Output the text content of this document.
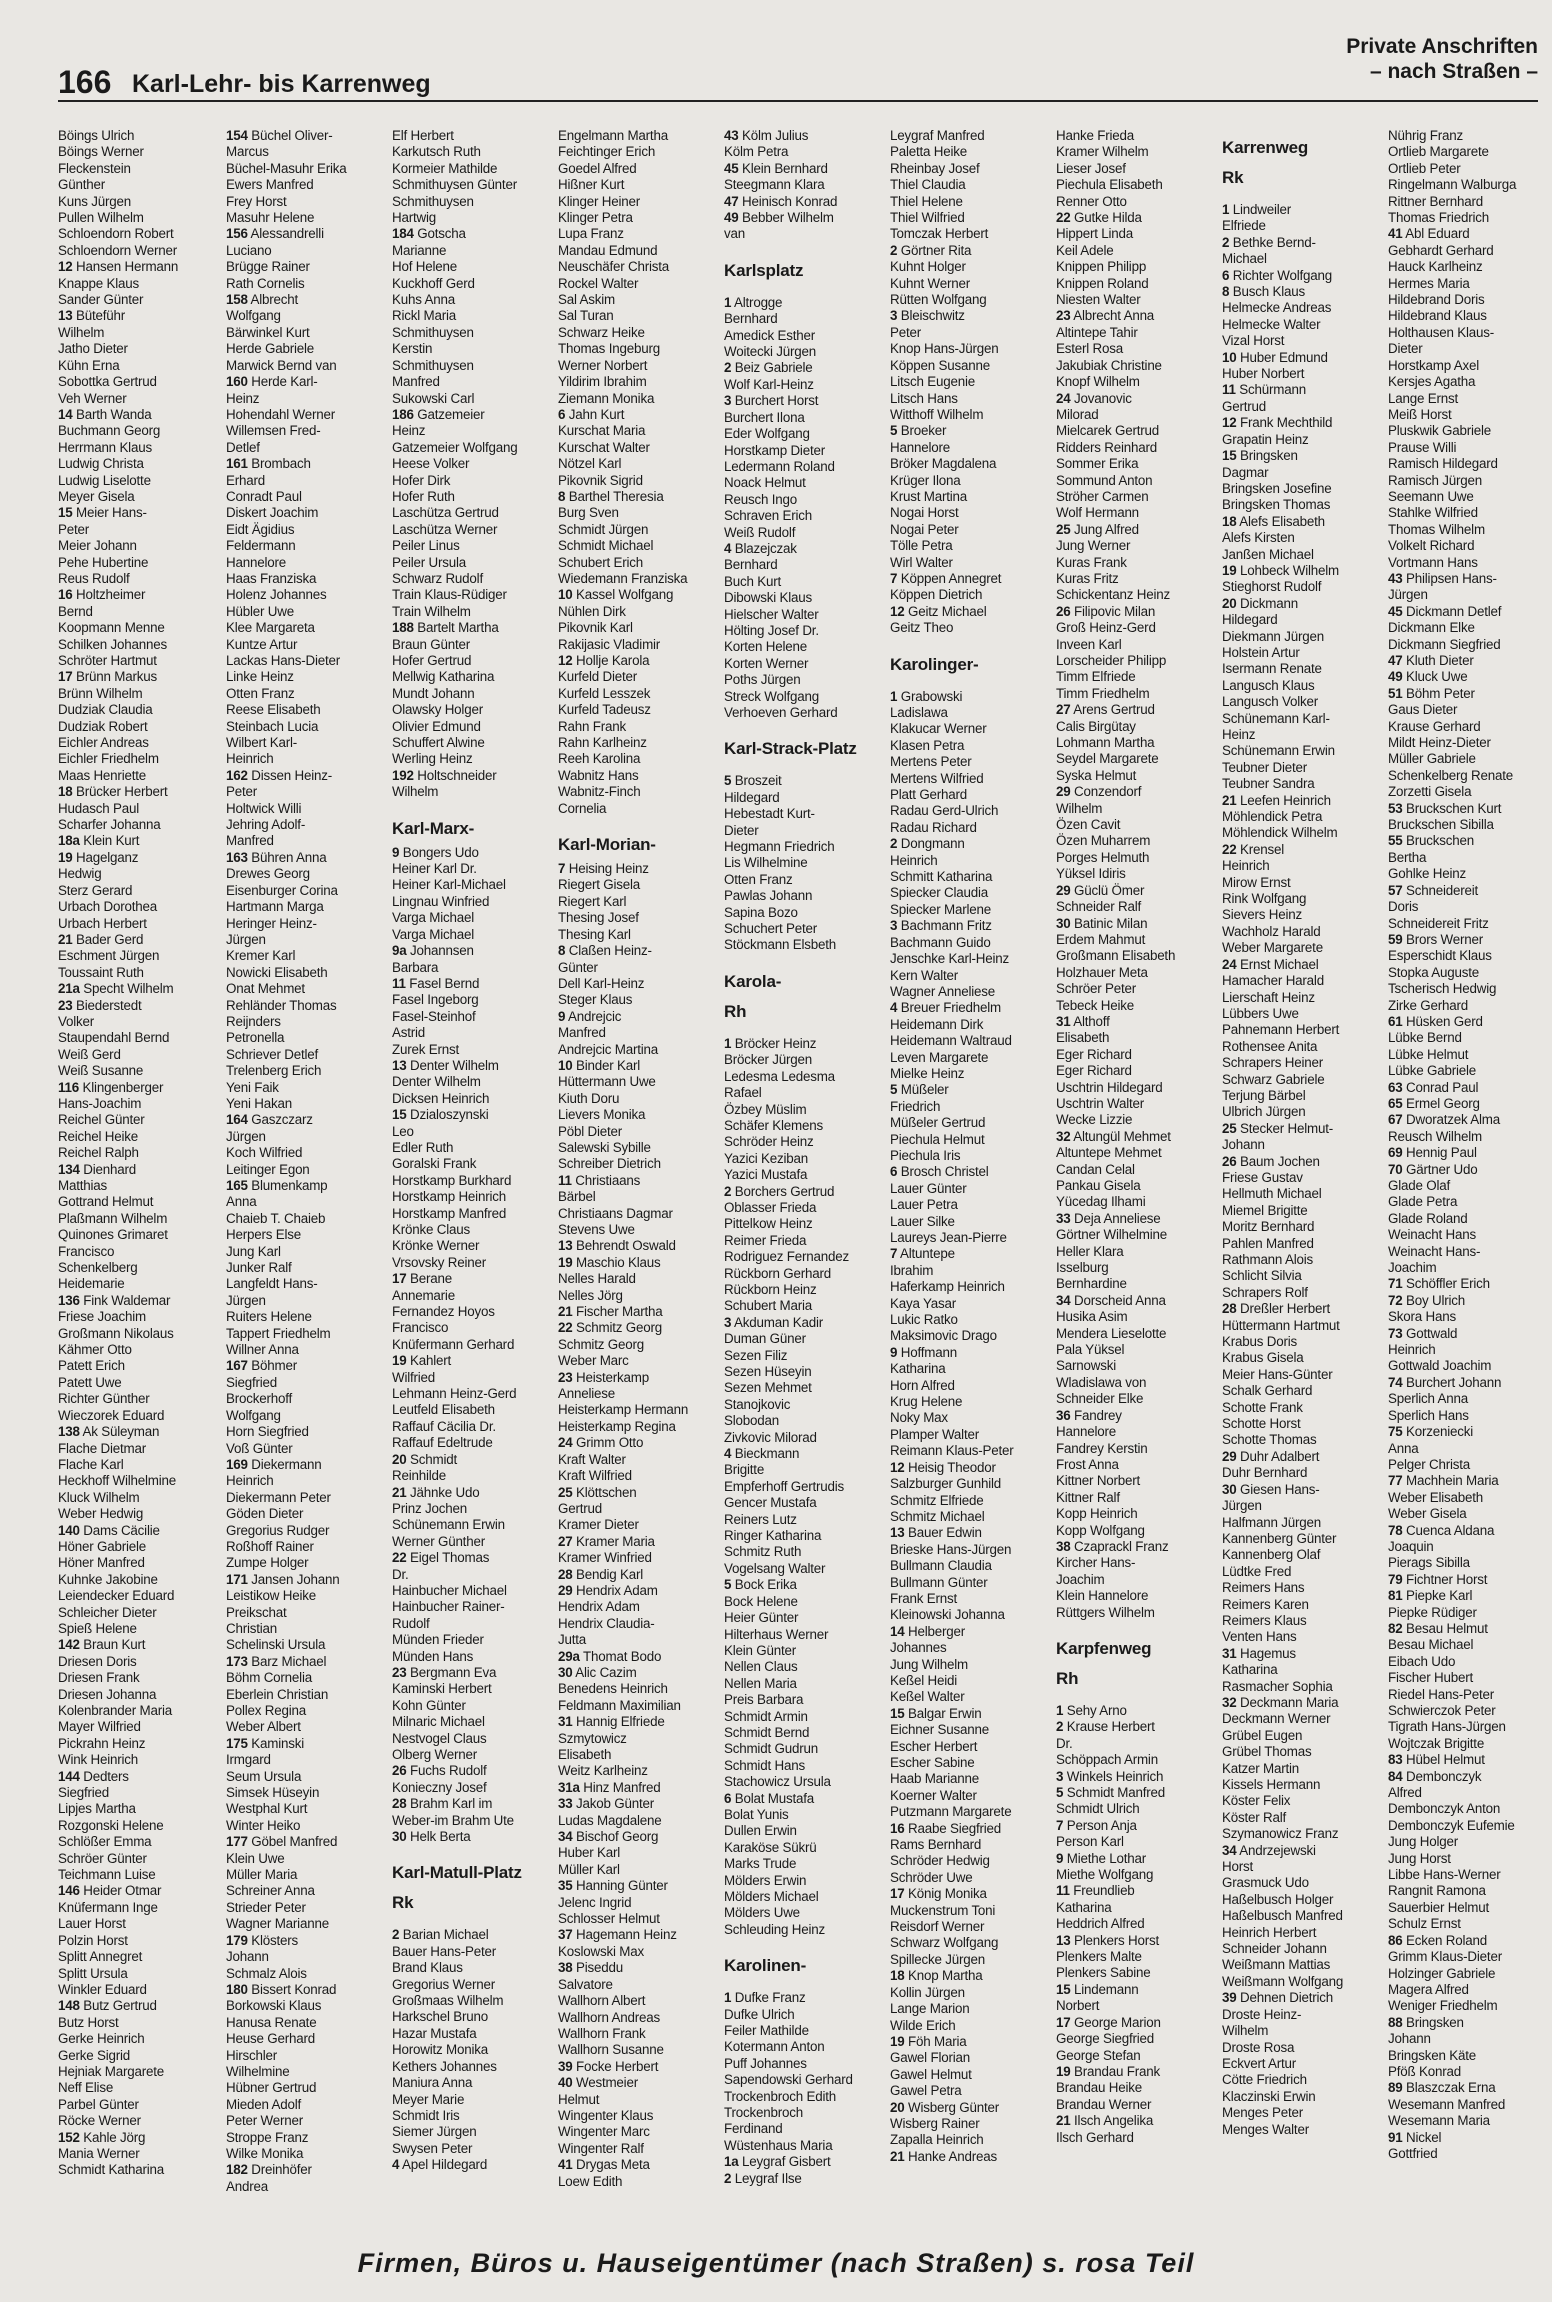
166 Karl-Lehr- bis Karrenweg
Private Anschriften
– nach Straßen –
Böings Ulrich
Böings Werner
Fleckenstein
Günther
Kuns Jürgen
Pullen Wilhelm
Schloendorn Robert
Schloendorn Werner
12 Hansen Hermann
Knappe Klaus
Sander Günter
13 Büteführ
Wilhelm
Jatho Dieter
Kühn Erna
Sobottka Gertrud
Veh Werner
14 Barth Wanda
Buchmann Georg
Herrmann Klaus
Ludwig Christa
Ludwig Liselotte
Meyer Gisela
15 Meier Hans-
Peter
Meier Johann
Pehe Hubertine
Reus Rudolf
16 Holtzheimer
Bernd
Koopmann Menne
Schilken Johannes
Schröter Hartmut
17 Brünn Markus
Brünn Wilhelm
Dudziak Claudia
Dudziak Robert
Eichler Andreas
Eichler Friedhelm
Maas Henriette
18 Brücker Herbert
Hudasch Paul
Scharfer Johanna
18a Klein Kurt
19 Hagelganz
Hedwig
Sterz Gerard
Urbach Dorothea
Urbach Herbert
21 Bader Gerd
Eschment Jürgen
Toussaint Ruth
21a Specht Wilhelm
23 Biederstedt
Volker
Staupendahl Bernd
Weiß Gerd
Weiß Susanne
116 Klingenberger
Hans-Joachim
Reichel Günter
Reichel Heike
Reichel Ralph
134 Dienhard
Matthias
Gottrand Helmut
Plaßmann Wilhelm
Quinones Grimaret
Francisco
Schenkelberg
Heidemarie
136 Fink Waldemar
Friese Joachim
Großmann Nikolaus
Kähmer Otto
Patett Erich
Patett Uwe
Richter Günther
Wieczorek Eduard
138 Ak Süleyman
Flache Dietmar
Flache Karl
Heckhoff Wilhelmine
Kluck Wilhelm
Weber Hedwig
140 Dams Cäcilie
Höner Gabriele
Höner Manfred
Kuhnke Jakobine
Leiendecker Eduard
Schleicher Dieter
Spieß Helene
142 Braun Kurt
Driesen Doris
Driesen Frank
Driesen Johanna
Kolenbrander Maria
Mayer Wilfried
Pickrahn Heinz
Wink Heinrich
144 Dedters
Siegfried
Lipjes Martha
Rozgonski Helene
Schlößer Emma
Schröer Günter
Teichmann Luise
146 Heider Otmar
Knüfermann Inge
Lauer Horst
Polzin Horst
Splitt Annegret
Splitt Ursula
Winkler Eduard
148 Butz Gertrud
Butz Horst
Gerke Heinrich
Gerke Sigrid
Hejniak Margarete
Neff Elise
Parbel Günter
Röcke Werner
152 Kahle Jörg
Mania Werner
Schmidt Katharina
154 Büchel Oliver-
Marcus
Büchel-Masuhr Erika
Ewers Manfred
Frey Horst
Masuhr Helene
156 Alessandrelli
Luciano
Brügge Rainer
Rath Cornelis
158 Albrecht
Wolfgang
Bärwinkel Kurt
Herde Gabriele
Marwick Bernd van
160 Herde Karl-
Heinz
Hohendahl Werner
Willemsen Fred-
Detlef
161 Brombach
Erhard
Conradt Paul
Diskert Joachim
Eidt Ägidius
Feldermann
Hannelore
Haas Franziska
Holenz Johannes
Hübler Uwe
Klee Margareta
Kuntze Artur
Lackas Hans-Dieter
Linke Heinz
Otten Franz
Reese Elisabeth
Steinbach Lucia
Wilbert Karl-
Heinrich
162 Dissen Heinz-
Peter
Holtwick Willi
Jehring Adolf-
Manfred
163 Bühren Anna
Drewes Georg
Eisenburger Corina
Hartmann Marga
Heringer Heinz-
Jürgen
Kremer Karl
Nowicki Elisabeth
Onat Mehmet
Rehländer Thomas
Reijnders
Petronella
Schriever Detlef
Trelenberg Erich
Yeni Faik
Yeni Hakan
164 Gaszczarz
Jürgen
Koch Wilfried
Leitinger Egon
165 Blumenkamp
Anna
Chaieb T. Chaieb
Herpers Else
Jung Karl
Junker Ralf
Langfeldt Hans-
Jürgen
Ruiters Helene
Tappert Friedhelm
Willner Anna
167 Böhmer
Siegfried
Brockerhoff
Wolfgang
Horn Siegfried
Voß Günter
169 Diekermann
Heinrich
Diekermann Peter
Göden Dieter
Gregorius Rudger
Roßhoff Rainer
Zumpe Holger
171 Jansen Johann
Leistikow Heike
Preikschat
Christian
Schelinski Ursula
173 Barz Michael
Böhm Cornelia
Eberlein Christian
Pollex Regina
Weber Albert
175 Kaminski
Irmgard
Seum Ursula
Simsek Hüseyin
Westphal Kurt
Winter Heiko
177 Göbel Manfred
Klein Uwe
Müller Maria
Schreiner Anna
Strieder Peter
Wagner Marianne
179 Klösters
Johann
Schmalz Alois
180 Bissert Konrad
Borkowski Klaus
Hanusa Renate
Heuse Gerhard
Hirschler
Wilhelmine
Hübner Gertrud
Mieden Adolf
Peter Werner
Stroppe Franz
Wilke Monika
182 Dreinhöfer
Andrea
Elf Herbert
Karkutsch Ruth
Kormeier Mathilde
Schmithuysen Günter
Schmithuysen
Hartwig
184 Gotscha
Marianne
Hof Helene
Kuckhoff Gerd
Kuhs Anna
Rickl Maria
Schmithuysen
Kerstin
Schmithuysen
Manfred
Sukowski Carl
186 Gatzemeier
Heinz
Gatzemeier Wolfgang
Heese Volker
Hofer Dirk
Hofer Ruth
Laschütza Gertrud
Laschütza Werner
Peiler Linus
Peiler Ursula
Schwarz Rudolf
Train Klaus-Rüdiger
Train Wilhelm
188 Bartelt Martha
Braun Günter
Hofer Gertrud
Mellwig Katharina
Mundt Johann
Olawsky Holger
Olivier Edmund
Schuffert Alwine
Werling Heinz
192 Holtschneider
Wilhelm

Karl-Marx-
9 Bongers Udo
Heiner Karl Dr.
Heiner Karl-Michael
Lingnau Winfried
Varga Michael
Varga Michael
9a Johannsen
Barbara
11 Fasel Bernd
Fasel Ingeborg
Fasel-Steinhof
Astrid
Zurek Ernst
13 Denter Wilhelm
Denter Wilhelm
Dicksen Heinrich
15 Dzialoszynski
Leo
Edler Ruth
Goralski Frank
Horstkamp Burkhard
Horstkamp Heinrich
Horstkamp Manfred
Krönke Claus
Krönke Werner
Vrsovsky Reiner
17 Berane
Annemarie
Fernandez Hoyos
Francisco
Knüfermann Gerhard
19 Kahlert
Wilfried
Lehmann Heinz-Gerd
Leutfeld Elisabeth
Raffauf Cäcilia Dr.
Raffauf Edeltrude
20 Schmidt
Reinhilde
21 Jähnke Udo
Prinz Jochen
Schünemann Erwin
Werner Günther
22 Eigel Thomas
Dr.
Hainbucher Michael
Hainbucher Rainer-
Rudolf
Münden Frieder
Münden Hans
23 Bergmann Eva
Kaminski Herbert
Kohn Günter
Milnaric Michael
Nestvogel Claus
Olberg Werner
26 Fuchs Rudolf
Konieczny Josef
28 Brahm Karl im
Weber-im Brahm Ute
30 Helk Berta

Karl-Matull-Platz
Rk

2 Barian Michael
Bauer Hans-Peter
Brand Klaus
Gregorius Werner
Großmaas Wilhelm
Harkschel Bruno
Hazar Mustafa
Horowitz Monika
Kethers Johannes
Maniura Anna
Meyer Marie
Schmidt Iris
Siemer Jürgen
Swysen Peter
4 Apel Hildegard
Engelmann Martha
Feichtinger Erich
Goedel Alfred
Hißner Kurt
Klinger Heiner
Klinger Petra
Lupa Franz
Mandau Edmund
Neuschäfer Christa
Rockel Walter
Sal Askim
Sal Turan
Schwarz Heike
Thomas Ingeburg
Werner Norbert
Yildirim Ibrahim
Ziemann Monika
6 Jahn Kurt
Kurschat Maria
Kurschat Walter
Nötzel Karl
Pikovnik Sigrid
8 Barthel Theresia
Burg Sven
Schmidt Jürgen
Schmidt Michael
Schubert Erich
Wiedemann Franziska
10 Kassel Wolfgang
Nühlen Dirk
Pikovnik Karl
Rakijasic Vladimir
12 Hollje Karola
Kurfeld Dieter
Kurfeld Lesszek
Kurfeld Tadeusz
Rahn Frank
Rahn Karlheinz
Reeh Karolina
Wabnitz Hans
Wabnitz-Finch
Cornelia

Karl-Morian-
7 Heising Heinz
Riegert Gisela
Riegert Karl
Thesing Josef
Thesing Karl
8 Claßen Heinz-
Günter
Dell Karl-Heinz
Steger Klaus
9 Andrejcic
Manfred
Andrejcic Martina
10 Binder Karl
Hüttermann Uwe
Kiuth Doru
Lievers Monika
Pöbl Dieter
Salewski Sybille
Schreiber Dietrich
11 Christiaans
Bärbel
Christiaans Dagmar
Stevens Uwe
13 Behrendt Oswald
19 Maschio Klaus
Nelles Harald
Nelles Jörg
21 Fischer Martha
22 Schmitz Georg
Schmitz Georg
Weber Marc
23 Heisterkamp
Anneliese
Heisterkamp Hermann
Heisterkamp Regina
24 Grimm Otto
Kraft Walter
Kraft Wilfried
25 Klöttschen
Gertrud
Kramer Dieter
27 Kramer Maria
Kramer Winfried
28 Bendig Karl
29 Hendrix Adam
Hendrix Adam
Hendrix Claudia-
Jutta
29a Thomat Bodo
30 Alic Cazim
Benedens Heinrich
Feldmann Maximilian
31 Hannig Elfriede
Szmytowicz
Elisabeth
Weitz Karlheinz
31a Hinz Manfred
33 Jakob Günter
Ludas Magdalene
34 Bischof Georg
Huber Karl
Müller Karl
35 Hanning Günter
Jelenc Ingrid
Schlosser Helmut
37 Hagemann Heinz
Koslowski Max
38 Piseddu
Salvatore
Wallhorn Albert
Wallhorn Andreas
Wallhorn Frank
Wallhorn Susanne
39 Focke Herbert
40 Westmeier
Helmut
Wingenter Klaus
Wingenter Marc
Wingenter Ralf
41 Drygas Meta
Loew Edith
43 Kölm Julius
Kölm Petra
45 Klein Bernhard
Steegmann Klara
47 Heinisch Konrad
49 Bebber Wilhelm
van

Karlsplatz

1 Altrogge
Bernhard
Amedick Esther
Woitecki Jürgen
2 Beiz Gabriele
Wolf Karl-Heinz
3 Burchert Horst
Burchert Ilona
Eder Wolfgang
Horstkamp Dieter
Ledermann Roland
Noack Helmut
Reusch Ingo
Schraven Erich
Weiß Rudolf
4 Blazejczak
Bernhard
Buch Kurt
Dibowski Klaus
Hielscher Walter
Hölting Josef Dr.
Korten Helene
Korten Werner
Poths Jürgen
Streck Wolfgang
Verhoeven Gerhard

Karl-Strack-Platz

5 Broszeit
Hildegard
Hebestadt Kurt-
Dieter
Hegmann Friedrich
Lis Wilhelmine
Otten Franz
Pawlas Johann
Sapina Bozo
Schuchert Peter
Stöckmann Elsbeth

Karola-
Rh

1 Bröcker Heinz
Bröcker Jürgen
Ledesma Ledesma
Rafael
Özbey Müslim
Schäfer Klemens
Schröder Heinz
Yazici Keziban
Yazici Mustafa
2 Borchers Gertrud
Oblasser Frieda
Pittelkow Heinz
Reimer Frieda
Rodriguez Fernandez
Rückborn Gerhard
Rückborn Heinz
Schubert Maria
3 Akduman Kadir
Duman Güner
Sezen Filiz
Sezen Hüseyin
Sezen Mehmet
Stanojkovic
Slobodan
Zivkovic Milorad
4 Bieckmann
Brigitte
Empferhoff Gertrudis
Gencer Mustafa
Reiners Lutz
Ringer Katharina
Schmitz Ruth
Vogelsang Walter
5 Bock Erika
Bock Helene
Heier Günter
Hilterhaus Werner
Klein Günter
Nellen Claus
Nellen Maria
Preis Barbara
Schmidt Armin
Schmidt Bernd
Schmidt Gudrun
Schmidt Hans
Stachowicz Ursula
6 Bolat Mustafa
Bolat Yunis
Dullen Erwin
Karaköse Sükrü
Marks Trude
Mölders Erwin
Mölders Michael
Mölders Uwe
Schleuding Heinz

Karolinen-

1 Dufke Franz
Dufke Ulrich
Feiler Mathilde
Kotermann Anton
Puff Johannes
Sapendowski Gerhard
Trockenbroch Edith
Trockenbroch
Ferdinand
Wüstenhaus Maria
1a Leygraf Gisbert
2 Leygraf Ilse
Leygraf Manfred
Paletta Heike
Rheinbay Josef
Thiel Claudia
Thiel Helene
Thiel Wilfried
Tomczak Herbert
2 Görtner Rita
Kuhnt Holger
Kuhnt Werner
Rütten Wolfgang
3 Bleischwitz
Peter
Knop Hans-Jürgen
Köppen Susanne
Litsch Eugenie
Litsch Hans
Witthoff Wilhelm
5 Broeker
Hannelore
Bröker Magdalena
Krüger Ilona
Krust Martina
Nogai Horst
Nogai Peter
Tölle Petra
Wirl Walter
7 Köppen Annegret
Köppen Dietrich
12 Geitz Michael
Geitz Theo

Karolinger-

1 Grabowski
Ladislawa
Klakucar Werner
Klasen Petra
Mertens Peter
Mertens Wilfried
Platt Gerhard
Radau Gerd-Ulrich
Radau Richard
2 Dongmann
Heinrich
Schmitt Katharina
Spiecker Claudia
Spiecker Marlene
3 Bachmann Fritz
Bachmann Guido
Jenschke Karl-Heinz
Kern Walter
Wagner Anneliese
4 Breuer Friedhelm
Heidemann Dirk
Heidemann Waltraud
Leven Margarete
Mielke Heinz
5 Müßeler
Friedrich
Müßeler Gertrud
Piechula Helmut
Piechula Iris
6 Brosch Christel
Lauer Günter
Lauer Petra
Lauer Silke
Laureys Jean-Pierre
7 Altuntepe
Ibrahim
Haferkamp Heinrich
Kaya Yasar
Lukic Ratko
Maksimovic Drago
9 Hoffmann
Katharina
Horn Alfred
Krug Helene
Noky Max
Plamper Walter
Reimann Klaus-Peter
12 Heisig Theodor
Salzburger Gunhild
Schmitz Elfriede
Schmitz Michael
13 Bauer Edwin
Brieske Hans-Jürgen
Bullmann Claudia
Bullmann Günter
Frank Ernst
Kleinowski Johanna
14 Helberger
Johannes
Jung Wilhelm
Keßel Heidi
Keßel Walter
15 Balgar Erwin
Eichner Susanne
Escher Herbert
Escher Sabine
Haab Marianne
Koerner Walter
Putzmann Margarete
16 Raabe Siegfried
Rams Bernhard
Schröder Hedwig
Schröder Uwe
17 König Monika
Muckenstrum Toni
Reisdorf Werner
Schwarz Wolfgang
Spillecke Jürgen
18 Knop Martha
Kollin Jürgen
Lange Marion
Wilde Erich
19 Föh Maria
Gawel Florian
Gawel Helmut
Gawel Petra
20 Wisberg Günter
Wisberg Rainer
Zapalla Heinrich
21 Hanke Andreas
Hanke Frieda
Kramer Wilhelm
Lieser Josef
Piechula Elisabeth
Renner Otto
22 Gutke Hilda
Hippert Linda
Keil Adele
Knippen Philipp
Knippen Roland
Niesten Walter
23 Albrecht Anna
Altintepe Tahir
Esterl Rosa
Jakubiak Christine
Knopf Wilhelm
24 Jovanovic
Milorad
Mielcarek Gertrud
Ridders Reinhard
Sommer Erika
Sommund Anton
Ströher Carmen
Wolf Hermann
25 Jung Alfred
Jung Werner
Kuras Frank
Kuras Fritz
Schickentanz Heinz
26 Filipovic Milan
Groß Heinz-Gerd
Inveen Karl
Lorscheider Philipp
Timm Elfriede
Timm Friedhelm
27 Arens Gertrud
Calis Birgütay
Lohmann Martha
Seydel Margarete
Syska Helmut
29 Conzendorf
Wilhelm
Özen Cavit
Özen Muharrem
Porges Helmuth
Yüksel Idiris
29 Güclü Ömer
Schneider Ralf
30 Batinic Milan
Erdem Mahmut
Großmann Elisabeth
Holzhauer Meta
Schröer Peter
Tebeck Heike
31 Althoff
Elisabeth
Eger Richard
Eger Richard
Uschtrin Hildegard
Uschtrin Walter
Wecke Lizzie
32 Altungül Mehmet
Altuntepe Mehmet
Candan Celal
Pankau Gisela
Yücedag Ilhami
33 Deja Anneliese
Görtner Wilhelmine
Heller Klara
Isselburg
Bernhardine
34 Dorscheid Anna
Husika Asim
Mendera Lieselotte
Pala Yüksel
Sarnowski
Wladislawa von
Schneider Elke
36 Fandrey
Hannelore
Fandrey Kerstin
Frost Anna
Kittner Norbert
Kittner Ralf
Kopp Heinrich
Kopp Wolfgang
38 Czaprackl Franz
Kircher Hans-
Joachim
Klein Hannelore
Rüttgers Wilhelm

Karpfenweg
Rh

1 Sehy Arno
2 Krause Herbert
Dr.
Schöppach Armin
3 Winkels Heinrich
5 Schmidt Manfred
Schmidt Ulrich
7 Person Anja
Person Karl
9 Miethe Lothar
Miethe Wolfgang
11 Freundlieb
Katharina
Heddrich Alfred
13 Plenkers Horst
Plenkers Malte
Plenkers Sabine
15 Lindemann
Norbert
17 George Marion
George Siegfried
George Stefan
19 Brandau Frank
Brandau Heike
Brandau Werner
21 Ilsch Angelika
Ilsch Gerhard
Karrenweg
Rk

1 Lindweiler
Elfriede
2 Bethke Bernd-
Michael
6 Richter Wolfgang
8 Busch Klaus
Helmecke Andreas
Helmecke Walter
Vizal Horst
10 Huber Edmund
Huber Norbert
11 Schürmann
Gertrud
12 Frank Mechthild
Grapatin Heinz
15 Bringsken
Dagmar
Bringsken Josefine
Bringsken Thomas
18 Alefs Elisabeth
Alefs Kirsten
Janßen Michael
19 Lohbeck Wilhelm
Stieghorst Rudolf
20 Dickmann
Hildegard
Diekmann Jürgen
Holstein Artur
Isermann Renate
Langusch Klaus
Langusch Volker
Schünemann Karl-
Heinz
Schünemann Erwin
Teubner Dieter
Teubner Sandra
21 Leefen Heinrich
Möhlendick Petra
Möhlendick Wilhelm
22 Krensel
Heinrich
Mirow Ernst
Rink Wolfgang
Sievers Heinz
Wachholz Harald
Weber Margarete
24 Ernst Michael
Hamacher Harald
Lierschaft Heinz
Lübbers Uwe
Pahnemann Herbert
Rothensee Anita
Schrapers Heiner
Schwarz Gabriele
Terjung Bärbel
Ulbrich Jürgen
25 Stecker Helmut-
Johann
26 Baum Jochen
Friese Gustav
Hellmuth Michael
Miemel Brigitte
Moritz Bernhard
Pahlen Manfred
Rathmann Alois
Schlicht Silvia
Schrapers Rolf
28 Dreßler Herbert
Hüttermann Hartmut
Krabus Doris
Krabus Gisela
Meier Hans-Günter
Schalk Gerhard
Schotte Frank
Schotte Horst
Schotte Thomas
29 Duhr Adalbert
Duhr Bernhard
30 Giesen Hans-
Jürgen
Halfmann Jürgen
Kannenberg Günter
Kannenberg Olaf
Lüdtke Fred
Reimers Hans
Reimers Karen
Reimers Klaus
Venten Hans
31 Hagemus
Katharina
Rasmacher Sophia
32 Deckmann Maria
Deckmann Werner
Grübel Eugen
Grübel Thomas
Katzer Martin
Kissels Hermann
Köster Felix
Köster Ralf
Szymanowicz Franz
34 Andrzejewski
Horst
Grasmuck Udo
Haßelbusch Holger
Haßelbusch Manfred
Heinrich Herbert
Schneider Johann
Weißmann Mattias
Weißmann Wolfgang
39 Dehnen Dietrich
Droste Heinz-
Wilhelm
Droste Rosa
Eckvert Artur
Cötte Friedrich
Klaczinski Erwin
Menges Peter
Menges Walter
Nührig Franz
Ortlieb Margarete
Ortlieb Peter
Ringelmann Walburga
Rittner Bernhard
Thomas Friedrich
41 Abl Eduard
Gebhardt Gerhard
Hauck Karlheinz
Hermes Maria
Hildebrand Doris
Hildebrand Klaus
Holthausen Klaus-
Dieter
Horstkamp Axel
Kersjes Agatha
Lange Ernst
Meiß Horst
Pluskwik Gabriele
Prause Willi
Ramisch Hildegard
Ramisch Jürgen
Seemann Uwe
Stahlke Wilfried
Thomas Wilhelm
Volkelt Richard
Vortmann Hans
43 Philipsen Hans-
Jürgen
45 Dickmann Detlef
Dickmann Elke
Dickmann Siegfried
47 Kluth Dieter
49 Kluck Uwe
51 Böhm Peter
Gaus Dieter
Krause Gerhard
Mildt Heinz-Dieter
Müller Gabriele
Schenkelberg Renate
Zorzetti Gisela
53 Bruckschen Kurt
Bruckschen Sibilla
55 Bruckschen
Bertha
Gohlke Heinz
57 Schneidereit
Doris
Schneidereit Fritz
59 Brors Werner
Esperschidt Klaus
Stopka Auguste
Tscherisch Hedwig
Zirke Gerhard
61 Hüsken Gerd
Lübke Bernd
Lübke Helmut
Lübke Gabriele
63 Conrad Paul
65 Ermel Georg
67 Dworatzek Alma
Reusch Wilhelm
69 Hennig Paul
70 Gärtner Udo
Glade Olaf
Glade Petra
Glade Roland
Weinacht Hans
Weinacht Hans-
Joachim
71 Schöffler Erich
72 Boy Ulrich
Skora Hans
73 Gottwald
Heinrich
Gottwald Joachim
74 Burchert Johann
Sperlich Anna
Sperlich Hans
75 Korzeniecki
Anna
Pelger Christa
77 Machhein Maria
Weber Elisabeth
Weber Gisela
78 Cuenca Aldana
Joaquin
Pierags Sibilla
79 Fichtner Horst
81 Piepke Karl
Piepke Rüdiger
82 Besau Helmut
Besau Michael
Eibach Udo
Fischer Hubert
Riedel Hans-Peter
Schwierczok Peter
Tigrath Hans-Jürgen
Wojtczak Brigitte
83 Hübel Helmut
84 Dembonczyk
Alfred
Dembonczyk Anton
Dembonczyk Eufemie
Jung Holger
Jung Horst
Libbe Hans-Werner
Rangnit Ramona
Sauerbier Helmut
Schulz Ernst
86 Ecken Roland
Grimm Klaus-Dieter
Holzinger Gabriele
Magera Alfred
Weniger Friedhelm
88 Bringsken
Johann
Bringsken Käte
Pföß Konrad
89 Blaszczak Erna
Wesemann Manfred
Wesemann Maria
91 Nickel
Gottfried
Firmen, Büros u. Hauseigentümer (nach Straßen) s. rosa Teil
